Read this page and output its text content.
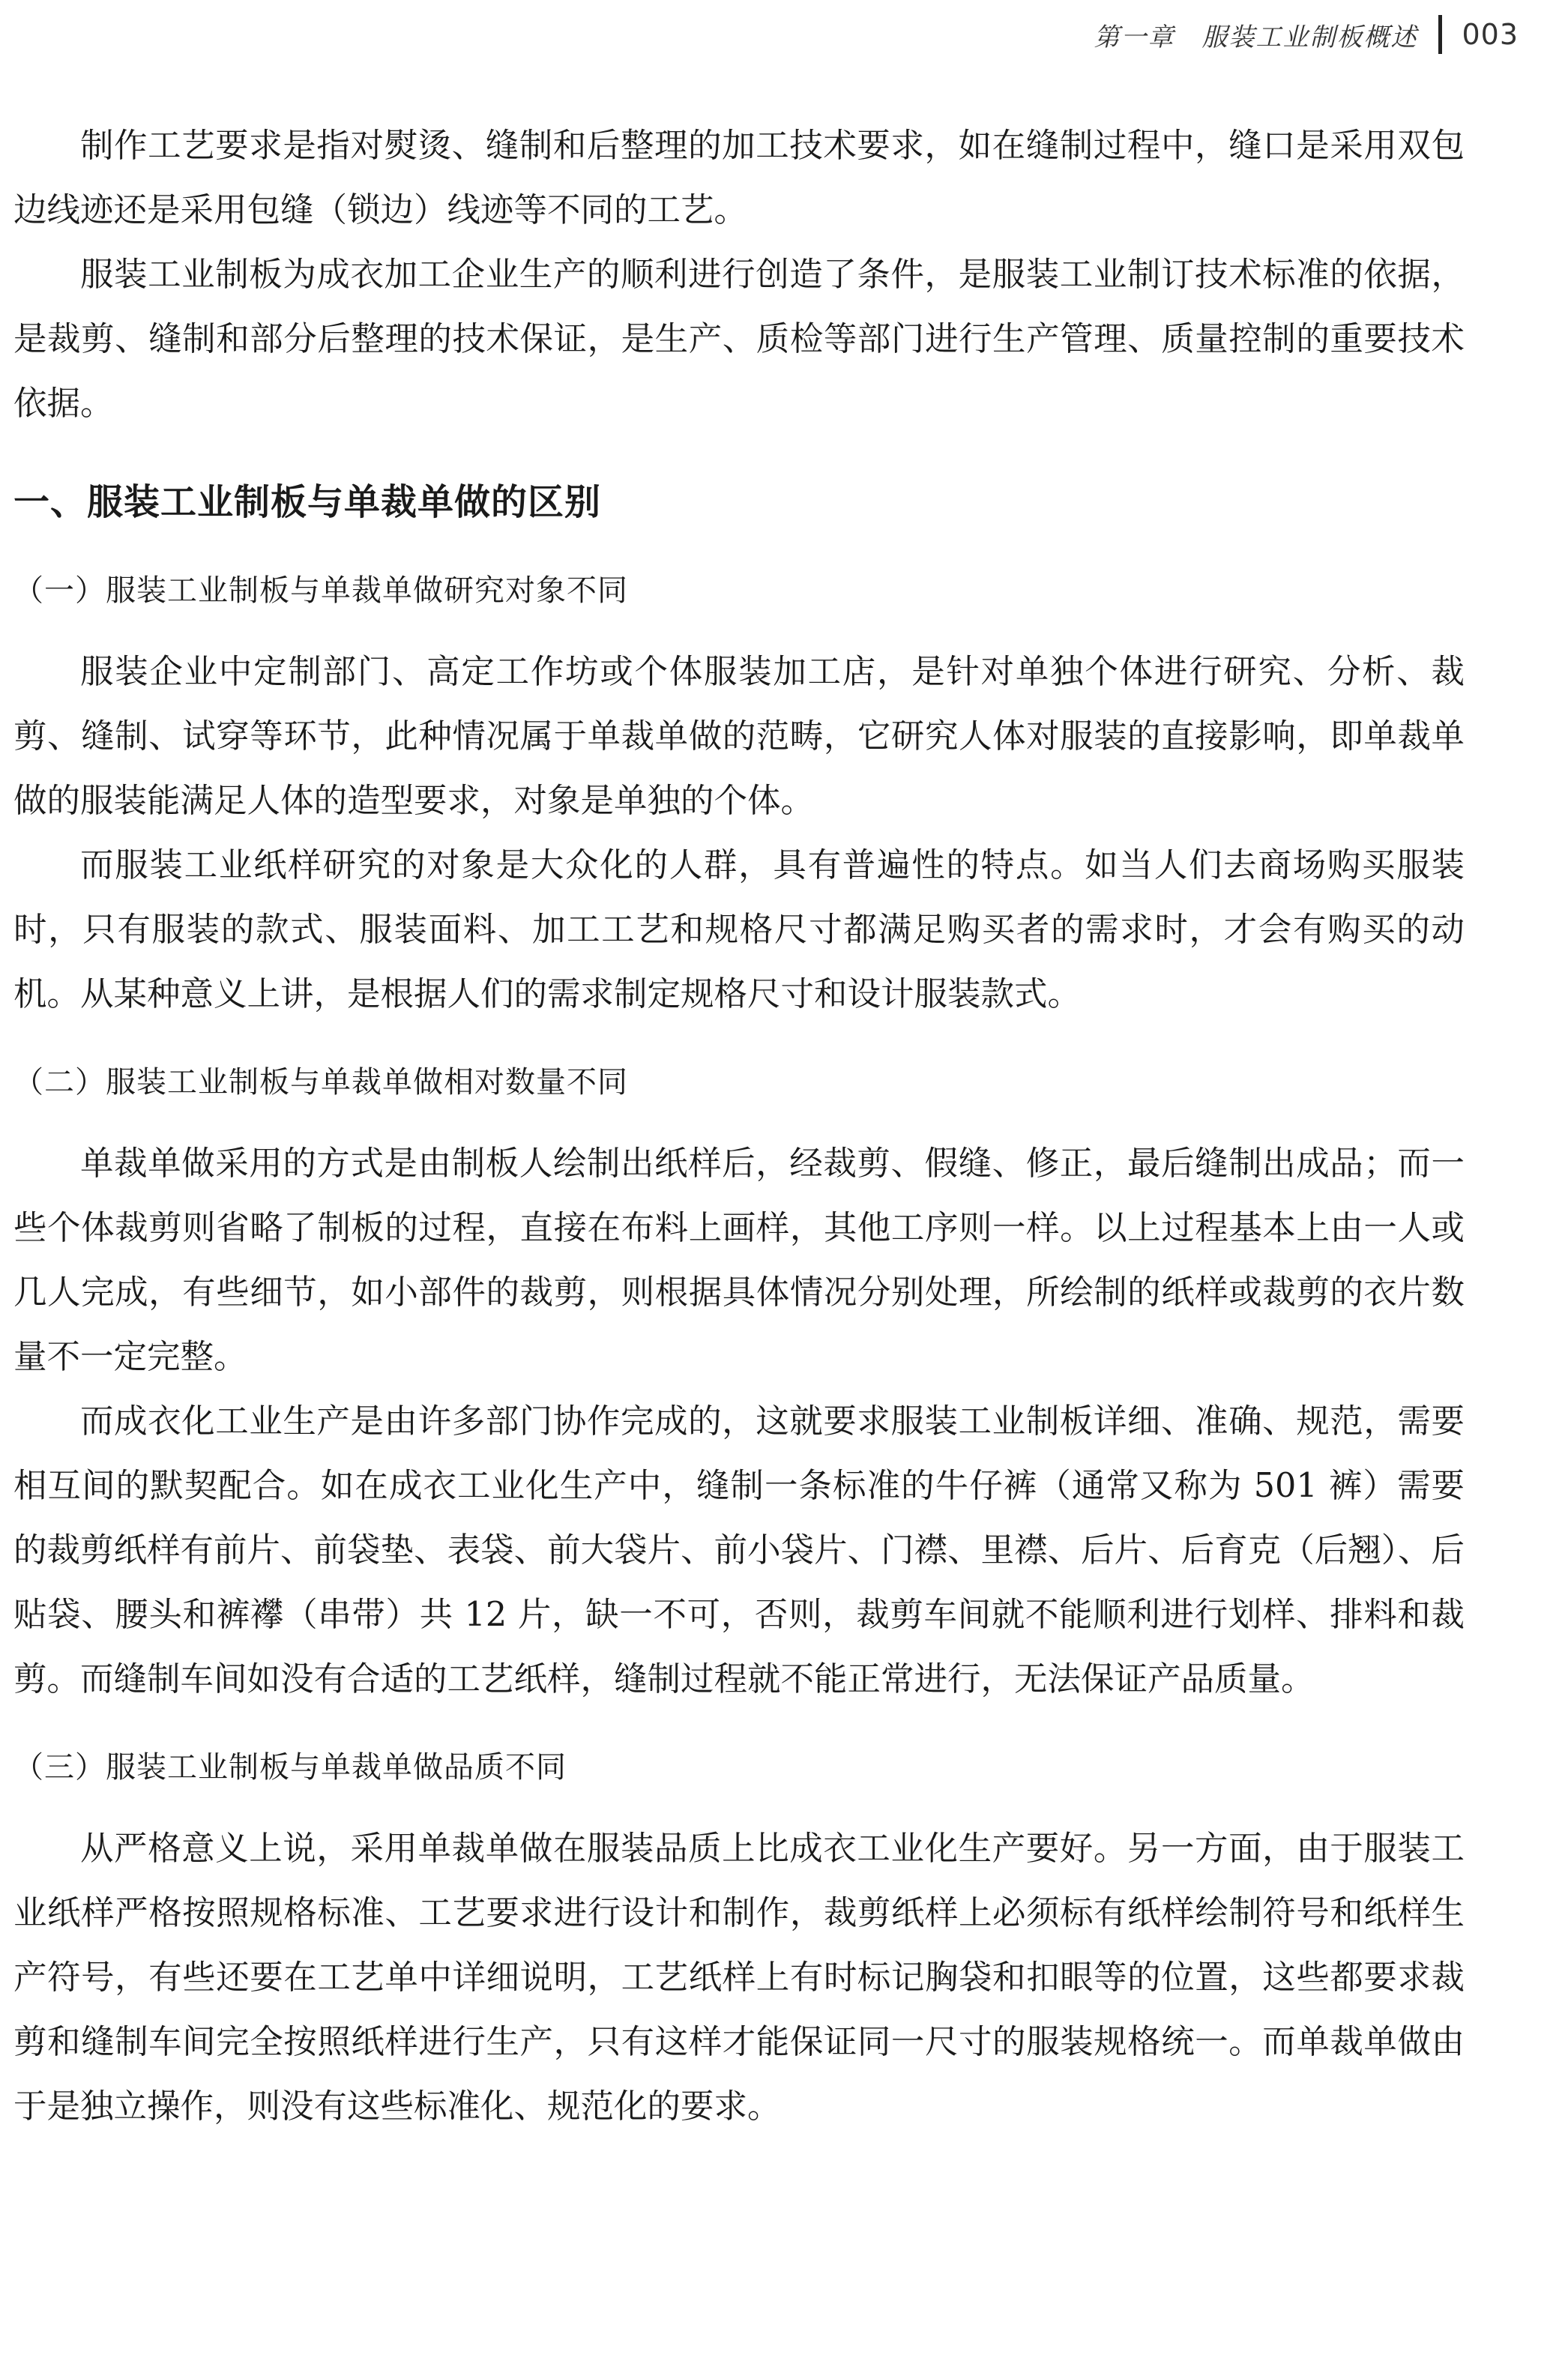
第一章　服装工业制板概述 003

制作工艺要求是指对熨烫、缝制和后整理的加工技术要求，如在缝制过程中，缝口是采用双包边线迹还是采用包缝（锁边）线迹等不同的工艺。

服装工业制板为成衣加工企业生产的顺利进行创造了条件，是服装工业制订技术标准的依据，是裁剪、缝制和部分后整理的技术保证，是生产、质检等部门进行生产管理、质量控制的重要技术依据。

一、服装工业制板与单裁单做的区别
（一）服装工业制板与单裁单做研究对象不同

服装企业中定制部门、高定工作坊或个体服装加工店，是针对单独个体进行研究、分析、裁剪、缝制、试穿等环节，此种情况属于单裁单做的范畴，它研究人体对服装的直接影响，即单裁单做的服装能满足人体的造型要求，对象是单独的个体。

而服装工业纸样研究的对象是大众化的人群，具有普遍性的特点。如当人们去商场购买服装时，只有服装的款式、服装面料、加工工艺和规格尺寸都满足购买者的需求时，才会有购买的动机。从某种意义上讲，是根据人们的需求制定规格尺寸和设计服装款式。

（二）服装工业制板与单裁单做相对数量不同

单裁单做采用的方式是由制板人绘制出纸样后，经裁剪、假缝、修正，最后缝制出成品；而一些个体裁剪则省略了制板的过程，直接在布料上画样，其他工序则一样。以上过程基本上由一人或几人完成，有些细节，如小部件的裁剪，则根据具体情况分别处理，所绘制的纸样或裁剪的衣片数量不一定完整。

而成衣化工业生产是由许多部门协作完成的，这就要求服装工业制板详细、准确、规范，需要相互间的默契配合。如在成衣工业化生产中，缝制一条标准的牛仔裤（通常又称为 501 裤）需要的裁剪纸样有前片、前袋垫、表袋、前大袋片、前小袋片、门襟、里襟、后片、后育克（后翘）、后贴袋、腰头和裤襻（串带）共 12 片，缺一不可，否则，裁剪车间就不能顺利进行划样、排料和裁剪。而缝制车间如没有合适的工艺纸样，缝制过程就不能正常进行，无法保证产品质量。

（三）服装工业制板与单裁单做品质不同

从严格意义上说，采用单裁单做在服装品质上比成衣工业化生产要好。另一方面，由于服装工业纸样严格按照规格标准、工艺要求进行设计和制作，裁剪纸样上必须标有纸样绘制符号和纸样生产符号，有些还要在工艺单中详细说明，工艺纸样上有时标记胸袋和扣眼等的位置，这些都要求裁剪和缝制车间完全按照纸样进行生产，只有这样才能保证同一尺寸的服装规格统一。而单裁单做由于是独立操作，则没有这些标准化、规范化的要求。
